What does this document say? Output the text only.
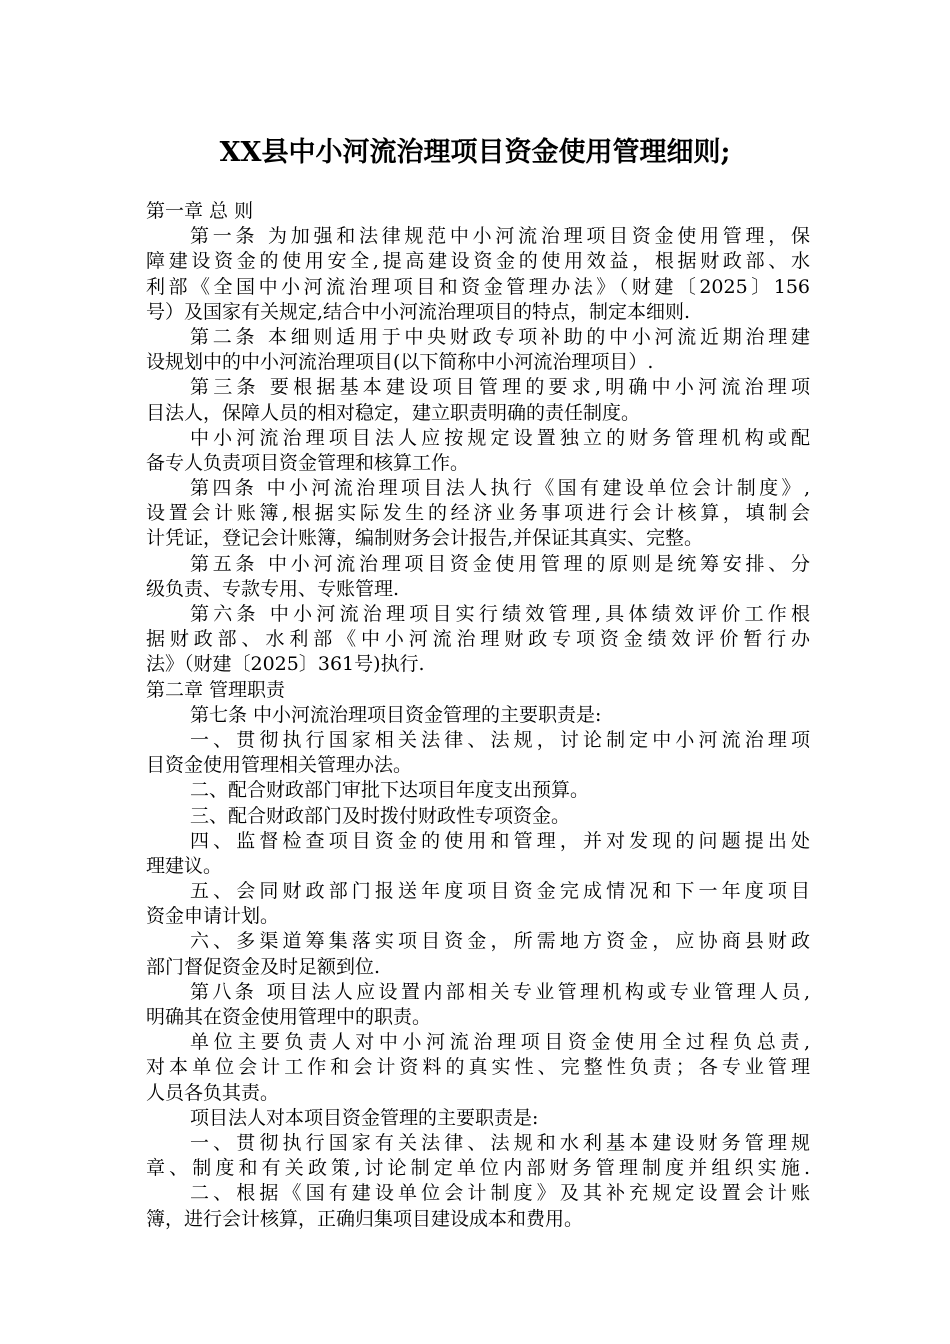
XX县中小河流治理项目资金使用管理细则;
第一章 总 则
第一条 为加强和法律规范中小河流治理项目资金使用管理，保
障建设资金的使用安全,提高建设资金的使用效益，根据财政部、水
利部《全国中小河流治理项目和资金管理办法》（财建〔2025〕156
号）及国家有关规定,结合中小河流治理项目的特点，制定本细则.
第二条 本细则适用于中央财政专项补助的中小河流近期治理建
设规划中的中小河流治理项目(以下简称中小河流治理项目）.
第三条 要根据基本建设项目管理的要求,明确中小河流治理项
目法人，保障人员的相对稳定，建立职责明确的责任制度。
中小河流治理项目法人应按规定设置独立的财务管理机构或配
备专人负责项目资金管理和核算工作。
第四条 中小河流治理项目法人执行《国有建设单位会计制度》,
设置会计账簿,根据实际发生的经济业务事项进行会计核算，填制会
计凭证，登记会计账簿，编制财务会计报告,并保证其真实、完整。
第五条 中小河流治理项目资金使用管理的原则是统筹安排、分
级负责、专款专用、专账管理.
第六条 中小河流治理项目实行绩效管理,具体绩效评价工作根
据财政部、水利部《中小河流治理财政专项资金绩效评价暂行办
法》（财建〔2025〕361号)执行.
第二章 管理职责
第七条 中小河流治理项目资金管理的主要职责是:
一、贯彻执行国家相关法律、法规，讨论制定中小河流治理项
目资金使用管理相关管理办法。
二、配合财政部门审批下达项目年度支出预算。
三、配合财政部门及时拨付财政性专项资金。
四、监督检查项目资金的使用和管理，并对发现的问题提出处
理建议。
五、会同财政部门报送年度项目资金完成情况和下一年度项目
资金申请计划。
六、多渠道筹集落实项目资金，所需地方资金，应协商县财政
部门督促资金及时足额到位.
第八条 项目法人应设置内部相关专业管理机构或专业管理人员,
明确其在资金使用管理中的职责。
单位主要负责人对中小河流治理项目资金使用全过程负总责,
对本单位会计工作和会计资料的真实性、完整性负责；各专业管理
人员各负其责。
项目法人对本项目资金管理的主要职责是:
一、贯彻执行国家有关法律、法规和水利基本建设财务管理规
章、制度和有关政策,讨论制定单位内部财务管理制度并组织实施.
二、根据《国有建设单位会计制度》及其补充规定设置会计账
簿，进行会计核算，正确归集项目建设成本和费用。
